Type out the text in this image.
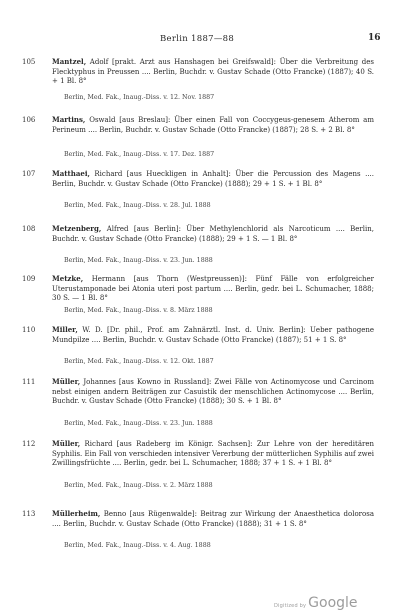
Berlin 1887—88	16
105 Mantzel, Adolf [prakt. Arzt aus Hanshagen bei Greifswald]: Über die Verbreitung des Flecktyphus in Preussen .... Berlin, Buchdr. v. Gustav Schade (Otto Francke) (1887); 40 S. + 1 Bl. 8°
Berlin, Med. Fak., Inaug.-Diss. v. 12. Nov. 1887
106 Martins, Oswald [aus Breslau]: Über einen Fall von Coccygeus-genesem Atherom am Perineum .... Berlin, Buchdr. v. Gustav Schade (Otto Francke) (1887); 28 S. + 2 Bl. 8°
Berlin, Med. Fak., Inaug.-Diss. v. 17. Dez. 1887
107 Matthaei, Richard [aus Hueckligen in Anhalt]: Über die Percussion des Magens .... Berlin, Buchdr. v. Gustav Schade (Otto Francke) (1888); 29 + 1 S. + 1 Bl. 8°
Berlin, Med. Fak., Inaug.-Diss. v. 28. Jul. 1888
108 Metzenberg, Alfred [aus Berlin]: Über Methylenchlorid als Narcoticum .... Berlin, Buchdr. v. Gustav Schade (Otto Francke) (1888); 29 + 1 S. — 1 Bl. 8°
Berlin, Med. Fak., Inaug.-Diss. v. 23. Jun. 1888
109 Metzke, Hermann [aus Thorn (Westpreussen)]: Fünf Fälle von erfolgreicher Uterustamponade bei Atonia uteri post partum .... Berlin, gedr. bei L. Schumacher, 1888; 30 S. — 1 Bl. 8°
Berlin, Med. Fak., Inaug.-Diss. v. 8. März 1888
110 Miller, W. D. [Dr. phil., Prof. am Zahnärztl. Inst. d. Univ. Berlin]: Ueber pathogene Mundpilze .... Berlin, Buchdr. v. Gustav Schade (Otto Francke) (1887); 51 + 1 S. 8°
Berlin, Med. Fak., Inaug.-Diss. v. 12. Okt. 1887
111 Müller, Johannes [aus Kowno in Russland]: Zwei Fälle von Actinomycose und Carcinom nebst einigen andern Beiträgen zur Casuistik der menschlichen Actinomycose .... Berlin, Buchdr. v. Gustav Schade (Otto Francke) (1888); 30 S. + 1 Bl. 8°
Berlin, Med. Fak., Inaug.-Diss. v. 23. Jun. 1888
112 Müller, Richard [aus Radeberg im Königr. Sachsen]: Zur Lehre von der hereditären Syphilis. Ein Fall von verschieden intensiver Vererbung der mütterlichen Syphilis auf zwei Zwillingsfrüchte .... Berlin, gedr. bei L. Schumacher, 1888; 37 + 1 S. + 1 Bl. 8°
Berlin, Med. Fak., Inaug.-Diss. v. 2. März 1888
113 Müllerheim, Benno [aus Rügenwalde]: Beitrag zur Wirkung der Anaesthetica dolorosa .... Berlin, Buchdr. v. Gustav Schade (Otto Francke) (1888); 31 + 1 S. 8°
Berlin, Med. Fak., Inaug.-Diss. v. 4. Aug. 1888
Digitized by Google
